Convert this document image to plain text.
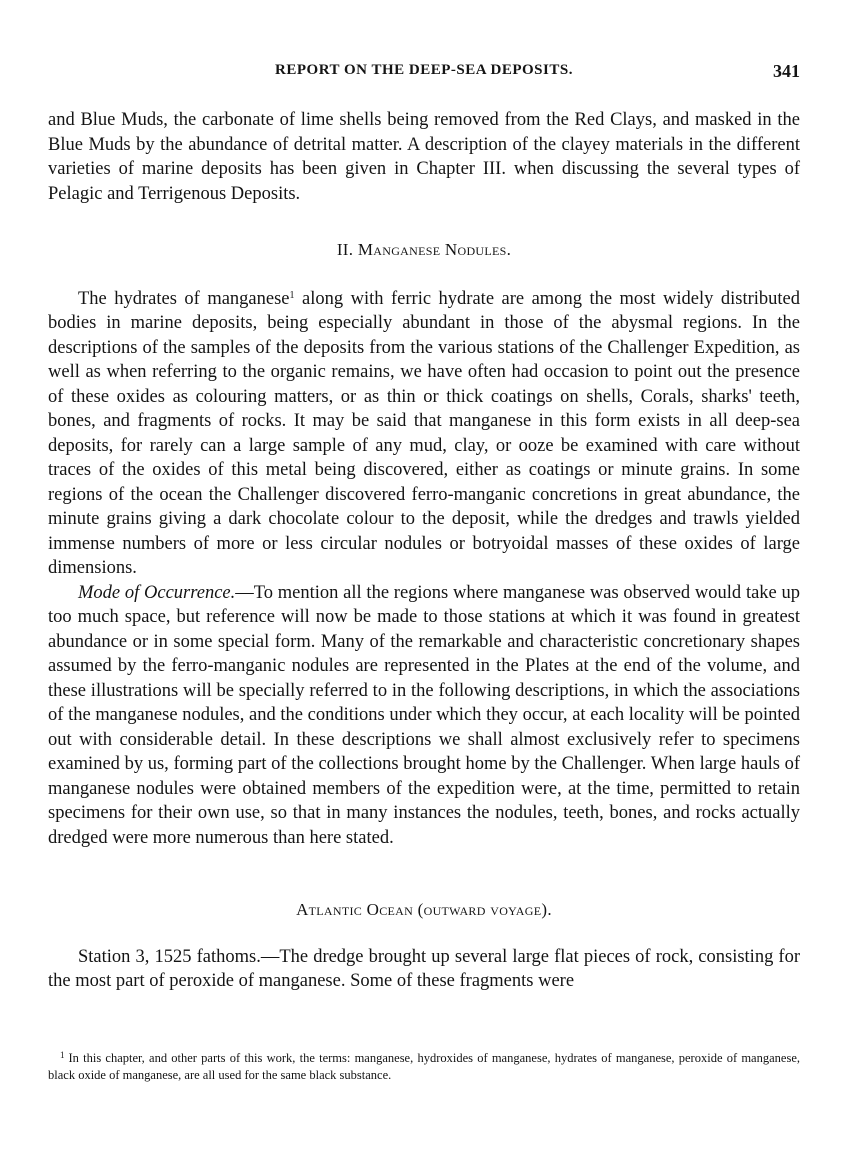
REPORT ON THE DEEP-SEA DEPOSITS.	341

and Blue Muds, the carbonate of lime shells being removed from the Red Clays, and masked in the Blue Muds by the abundance of detrital matter. A description of the clayey materials in the different varieties of marine deposits has been given in Chapter III. when discussing the several types of Pelagic and Terrigenous Deposits.

II. Manganese Nodules.

The hydrates of manganese$^1$ along with ferric hydrate are among the most widely distributed bodies in marine deposits, being especially abundant in those of the abysmal regions. In the descriptions of the samples of the deposits from the various stations of the Challenger Expedition, as well as when referring to the organic remains, we have often had occasion to point out the presence of these oxides as colouring matters, or as thin or thick coatings on shells, Corals, sharks' teeth, bones, and fragments of rocks. It may be said that manganese in this form exists in all deep-sea deposits, for rarely can a large sample of any mud, clay, or ooze be examined with care without traces of the oxides of this metal being discovered, either as coatings or minute grains. In some regions of the ocean the Challenger discovered ferro-manganic concretions in great abundance, the minute grains giving a dark chocolate colour to the deposit, while the dredges and trawls yielded immense numbers of more or less circular nodules or botryoidal masses of these oxides of large dimensions.

Mode of Occurrence.—To mention all the regions where manganese was observed would take up too much space, but reference will now be made to those stations at which it was found in greatest abundance or in some special form. Many of the remarkable and characteristic concretionary shapes assumed by the ferro-manganic nodules are represented in the Plates at the end of the volume, and these illustrations will be specially referred to in the following descriptions, in which the associations of the manganese nodules, and the conditions under which they occur, at each locality will be pointed out with considerable detail. In these descriptions we shall almost exclusively refer to specimens examined by us, forming part of the collections brought home by the Challenger. When large hauls of manganese nodules were obtained members of the expedition were, at the time, permitted to retain specimens for their own use, so that in many instances the nodules, teeth, bones, and rocks actually dredged were more numerous than here stated.

Atlantic Ocean (outward voyage).

Station 3, 1525 fathoms.—The dredge brought up several large flat pieces of rock, consisting for the most part of peroxide of manganese. Some of these fragments were

$^1$ In this chapter, and other parts of this work, the terms: manganese, hydroxides of manganese, hydrates of manganese, peroxide of manganese, black oxide of manganese, are all used for the same black substance.
